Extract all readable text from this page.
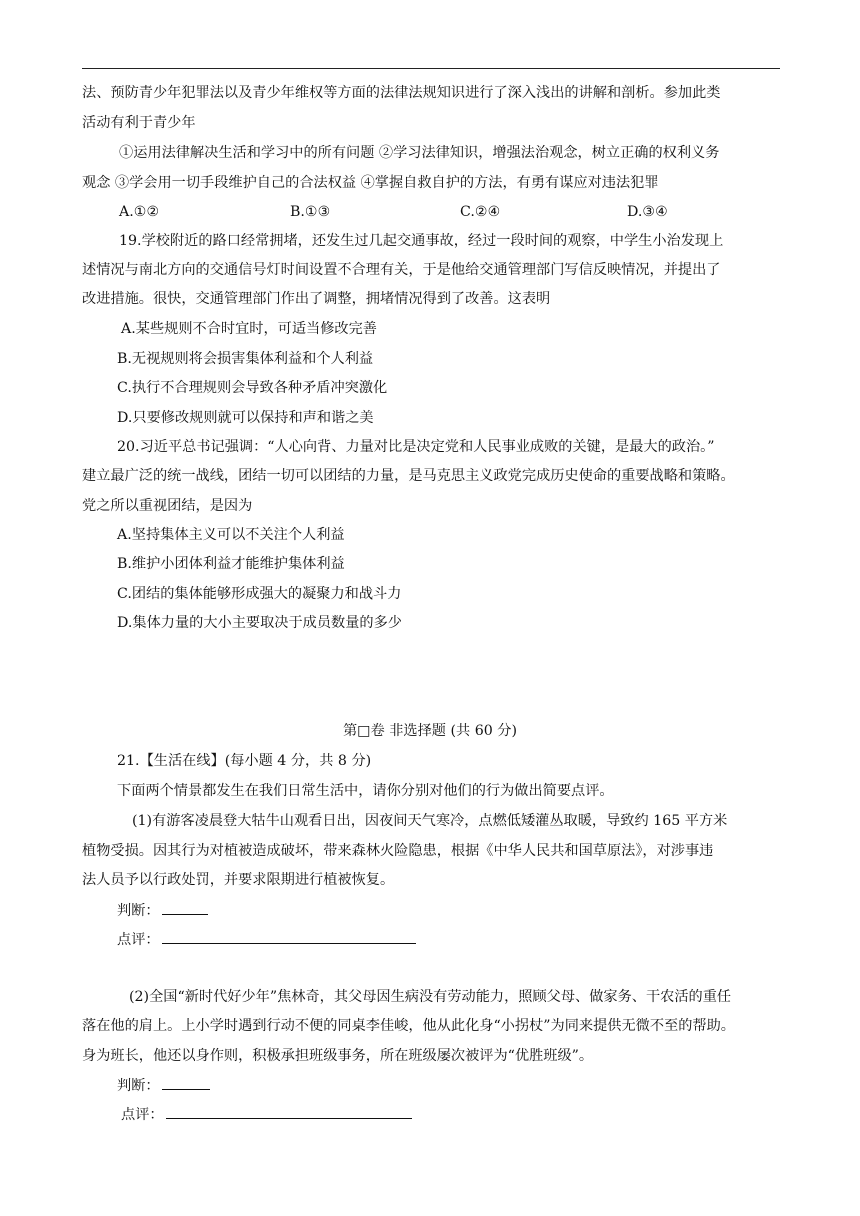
法、预防青少年犯罪法以及青少年维权等方面的法律法规知识进行了深入浅出的讲解和剖析。参加此类
活动有利于青少年
①运用法律解决生活和学习中的所有问题 ②学习法律知识，增强法治观念，树立正确的权利义务
观念 ③学会用一切手段维护自己的合法权益 ④掌握自救自护的方法，有勇有谋应对违法犯罪
A.①②	B.①③	C.②④	D.③④
19.学校附近的路口经常拥堵，还发生过几起交通事故，经过一段时间的观察，中学生小治发现上
述情况与南北方向的交通信号灯时间设置不合理有关，于是他给交通管理部门写信反映情况，并提出了
改进措施。很快，交通管理部门作出了调整，拥堵情况得到了改善。这表明
A.某些规则不合时宜时，可适当修改完善
B.无视规则将会损害集体利益和个人利益
C.执行不合理规则会导致各种矛盾冲突激化
D.只要修改规则就可以保持和声和谐之美
20.习近平总书记强调：“人心向背、力量对比是决定党和人民事业成败的关键，是最大的政治。”
建立最广泛的统一战线，团结一切可以团结的力量，是马克思主义政党完成历史使命的重要战略和策略。
党之所以重视团结，是因为
A.坚持集体主义可以不关注个人利益
B.维护小团体利益才能维护集体利益
C.团结的集体能够形成强大的凝聚力和战斗力
D.集体力量的大小主要取决于成员数量的多少
第□卷 非选择题 (共 60 分)
21.【生活在线】(每小题 4 分，共 8 分)
下面两个情景都发生在我们日常生活中，请你分别对他们的行为做出简要点评。
(1)有游客凌晨登大牯牛山观看日出，因夜间天气寒冷，点燃低矮灌丛取暖，导致约 165 平方米
植物受损。因其行为对植被造成破坏，带来森林火险隐患，根据《中华人民共和国草原法》，对涉事违
法人员予以行政处罚，并要求限期进行植被恢复。
判断：
点评：
(2)全国“新时代好少年”焦林奇，其父母因生病没有劳动能力，照顾父母、做家务、干农活的重任
落在他的肩上。上小学时遇到行动不便的同桌李佳峻，他从此化身“小拐杖”为同来提供无微不至的帮助。
身为班长，他还以身作则，积极承担班级事务，所在班级屡次被评为“优胜班级”。
判断：
点评：
